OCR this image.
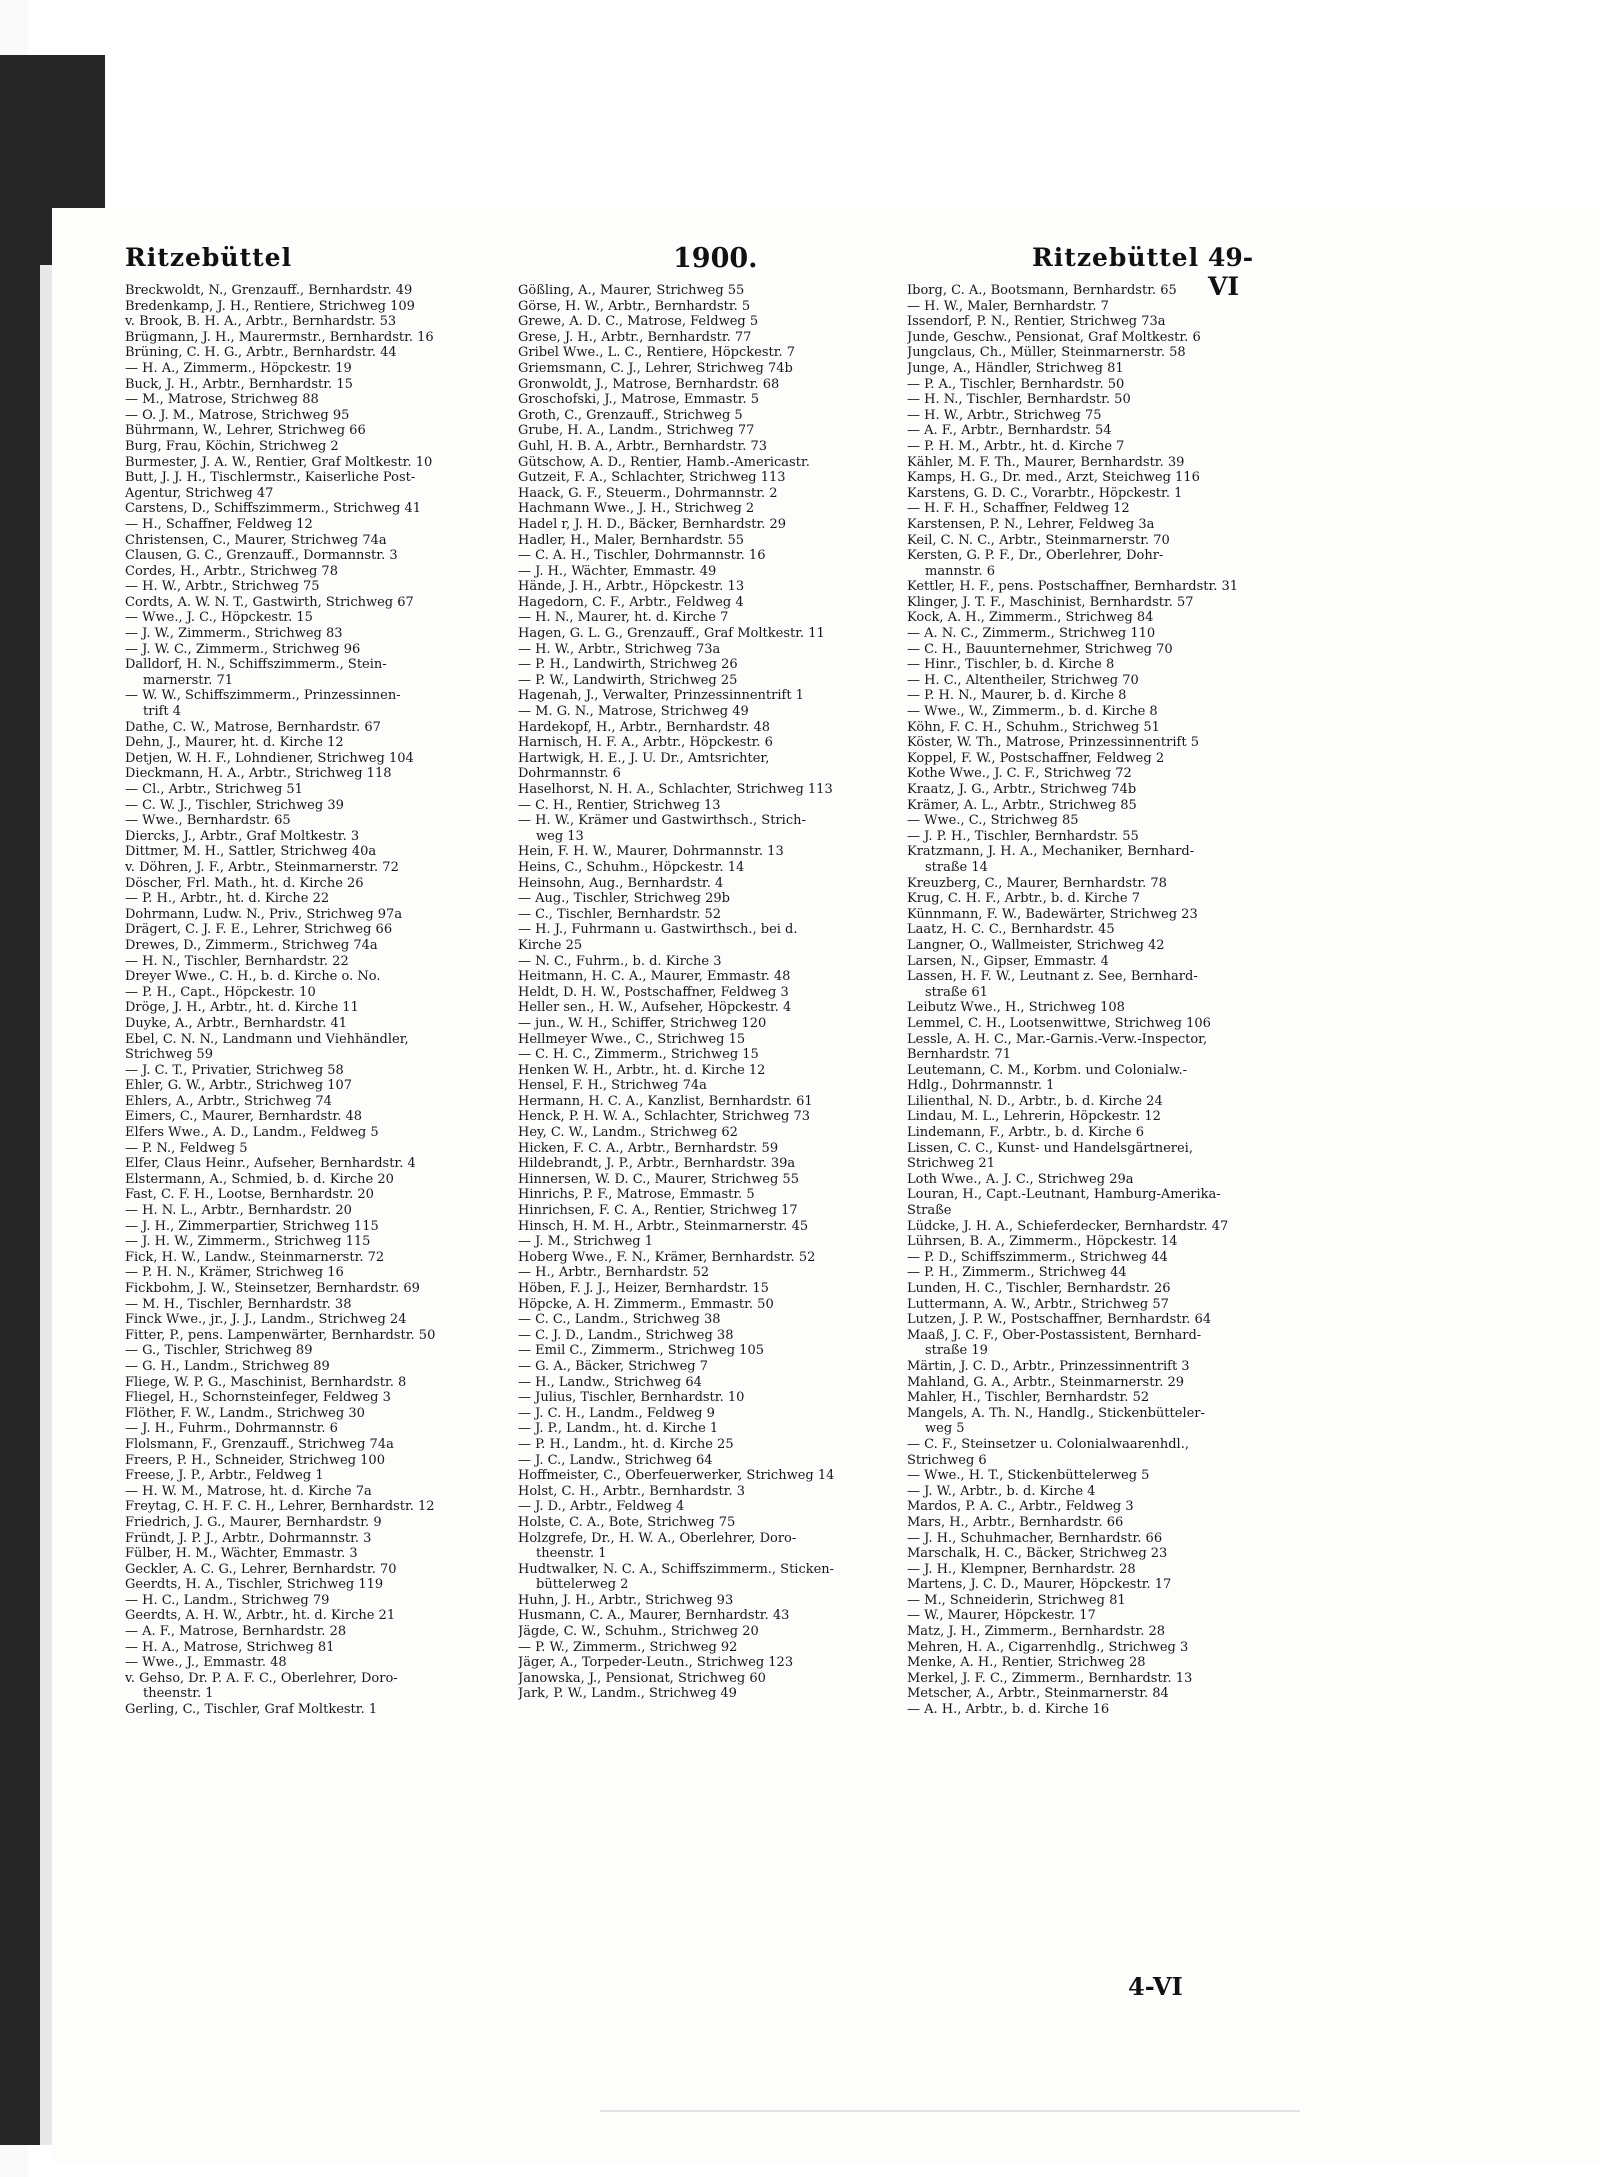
Ritzebüttel	1900.	Ritzebüttel 49-VI
Breckwoldt, N., Grenzauff., Bernhardstr. 49
Bredenkamp, J. H., Rentiere, Strichweg 109
v. Brook, B. H. A., Arbtr., Bernhardstr. 53
Brügmann, J. H., Maurermstr., Bernhardstr. 16
Brüning, C. H. G., Arbtr., Bernhardstr. 44
— H. A., Zimmerm., Höpckestr. 19
Buck, J. H., Arbtr., Bernhardstr. 15
— M., Matrose, Strichweg 88
— O. J. M., Matrose, Strichweg 95
Bührmann, W., Lehrer, Strichweg 66
Burg, Frau, Köchin, Strichweg 2
Burmester, J. A. W., Rentier, Graf Moltkestr. 10
Butt, J. J. H., Tischlermstr., Kaiserliche Post-
Agentur, Strichweg 47
Carstens, D., Schiffszimmerm., Strichweg 41
— H., Schaffner, Feldweg 12
Christensen, C., Maurer, Strichweg 74a
Clausen, G. C., Grenzauff., Dormannstr. 3
Cordes, H., Arbtr., Strichweg 78
— H. W., Arbtr., Strichweg 75
Cordts, A. W. N. T., Gastwirth, Strichweg 67
— Wwe., J. C., Höpckestr. 15
— J. W., Zimmerm., Strichweg 83
— J. W. C., Zimmerm., Strichweg 96
Dalldorf, H. N., Schiffszimmerm., Stein-
marnerstr. 71
— W. W., Schiffszimmerm., Prinzessinnen-
trift 4
Dathe, C. W., Matrose, Bernhardstr. 67
Dehn, J., Maurer, ht. d. Kirche 12
Detjen, W. H. F., Lohndiener, Strichweg 104
Dieckmann, H. A., Arbtr., Strichweg 118
— Cl., Arbtr., Strichweg 51
— C. W. J., Tischler, Strichweg 39
— Wwe., Bernhardstr. 65
Diercks, J., Arbtr., Graf Moltkestr. 3
Dittmer, M. H., Sattler, Strichweg 40a
v. Döhren, J. F., Arbtr., Steinmarnerstr. 72
Döscher, Frl. Math., ht. d. Kirche 26
— P. H., Arbtr., ht. d. Kirche 22
Dohrmann, Ludw. N., Priv., Strichweg 97a
Drägert, C. J. F. E., Lehrer, Strichweg 66
Drewes, D., Zimmerm., Strichweg 74a
— H. N., Tischler, Bernhardstr. 22
Dreyer Wwe., C. H., b. d. Kirche o. No.
— P. H., Capt., Höpckestr. 10
Dröge, J. H., Arbtr., ht. d. Kirche 11
Duyke, A., Arbtr., Bernhardstr. 41
Ebel, C. N. N., Landmann und Viehhändler,
Strichweg 59
— J. C. T., Privatier, Strichweg 58
Ehler, G. W., Arbtr., Strichweg 107
Ehlers, A., Arbtr., Strichweg 74
Eimers, C., Maurer, Bernhardstr. 48
Elfers Wwe., A. D., Landm., Feldweg 5
— P. N., Feldweg 5
Elfer, Claus Heinr., Aufseher, Bernhardstr. 4
Elstermann, A., Schmied, b. d. Kirche 20
Fast, C. F. H., Lootse, Bernhardstr. 20
— H. N. L., Arbtr., Bernhardstr. 20
— J. H., Zimmerpartier, Strichweg 115
— J. H. W., Zimmerm., Strichweg 115
Fick, H. W., Landw., Steinmarnerstr. 72
— P. H. N., Krämer, Strichweg 16
Fickbohm, J. W., Steinsetzer, Bernhardstr. 69
— M. H., Tischler, Bernhardstr. 38
Finck Wwe., jr., J. J., Landm., Strichweg 24
Fitter, P., pens. Lampenwärter, Bernhardstr. 50
— G., Tischler, Strichweg 89
— G. H., Landm., Strichweg 89
Fliege, W. P. G., Maschinist, Bernhardstr. 8
Fliegel, H., Schornsteinfeger, Feldweg 3
Flöther, F. W., Landm., Strichweg 30
— J. H., Fuhrm., Dohrmannstr. 6
Flolsmann, F., Grenzauff., Strichweg 74a
Freers, P. H., Schneider, Strichweg 100
Freese, J. P., Arbtr., Feldweg 1
— H. W. M., Matrose, ht. d. Kirche 7a
Freytag, C. H. F. C. H., Lehrer, Bernhardstr. 12
Friedrich, J. G., Maurer, Bernhardstr. 9
Fründt, J. P. J., Arbtr., Dohrmannstr. 3
Fülber, H. M., Wächter, Emmastr. 3
Geckler, A. C. G., Lehrer, Bernhardstr. 70
Geerdts, H. A., Tischler, Strichweg 119
— H. C., Landm., Strichweg 79
Geerdts, A. H. W., Arbtr., ht. d. Kirche 21
— A. F., Matrose, Bernhardstr. 28
— H. A., Matrose, Strichweg 81
— Wwe., J., Emmastr. 48
v. Gehso, Dr. P. A. F. C., Oberlehrer, Doro-
theenstr. 1
Gerling, C., Tischler, Graf Moltkestr. 1
Gößling, A., Maurer, Strichweg 55
Görse, H. W., Arbtr., Bernhardstr. 5
Grewe, A. D. C., Matrose, Feldweg 5
Grese, J. H., Arbtr., Bernhardstr. 77
Gribel Wwe., L. C., Rentiere, Höpckestr. 7
Griemsmann, C. J., Lehrer, Strichweg 74b
Gronwoldt, J., Matrose, Bernhardstr. 68
Groschofski, J., Matrose, Emmastr. 5
Groth, C., Grenzauff., Strichweg 5
Grube, H. A., Landm., Strichweg 77
Guhl, H. B. A., Arbtr., Bernhardstr. 73
Gütschow, A. D., Rentier, Hamb.-Americastr.
Gutzeit, F. A., Schlachter, Strichweg 113
Haack, G. F., Steuerm., Dohrmannstr. 2
Hachmann Wwe., J. H., Strichweg 2
Hadel r, J. H. D., Bäcker, Bernhardstr. 29
Hadler, H., Maler, Bernhardstr. 55
— C. A. H., Tischler, Dohrmannstr. 16
— J. H., Wächter, Emmastr. 49
Hände, J. H., Arbtr., Höpckestr. 13
Hagedorn, C. F., Arbtr., Feldweg 4
— H. N., Maurer, ht. d. Kirche 7
Hagen, G. L. G., Grenzauff., Graf Moltkestr. 11
— H. W., Arbtr., Strichweg 73a
— P. H., Landwirth, Strichweg 26
— P. W., Landwirth, Strichweg 25
Hagenah, J., Verwalter, Prinzessinnentrift 1
— M. G. N., Matrose, Strichweg 49
Hardekopf, H., Arbtr., Bernhardstr. 48
Harnisch, H. F. A., Arbtr., Höpckestr. 6
Hartwigk, H. E., J. U. Dr., Amtsrichter,
Dohrmannstr. 6
Haselhorst, N. H. A., Schlachter, Strichweg 113
— C. H., Rentier, Strichweg 13
— H. W., Krämer und Gastwirthsch., Strich-
weg 13
Hein, F. H. W., Maurer, Dohrmannstr. 13
Heins, C., Schuhm., Höpckestr. 14
Heinsohn, Aug., Bernhardstr. 4
— Aug., Tischler, Strichweg 29b
— C., Tischler, Bernhardstr. 52
— H. J., Fuhrmann u. Gastwirthsch., bei d.
Kirche 25
— N. C., Fuhrm., b. d. Kirche 3
Heitmann, H. C. A., Maurer, Emmastr. 48
Heldt, D. H. W., Postschaffner, Feldweg 3
Heller sen., H. W., Aufseher, Höpckestr. 4
— jun., W. H., Schiffer, Strichweg 120
Hellmeyer Wwe., C., Strichweg 15
— C. H. C., Zimmerm., Strichweg 15
Henken W. H., Arbtr., ht. d. Kirche 12
Hensel, F. H., Strichweg 74a
Hermann, H. C. A., Kanzlist, Bernhardstr. 61
Henck, P. H. W. A., Schlachter, Strichweg 73
Hey, C. W., Landm., Strichweg 62
Hicken, F. C. A., Arbtr., Bernhardstr. 59
Hildebrandt, J. P., Arbtr., Bernhardstr. 39a
Hinnersen, W. D. C., Maurer, Strichweg 55
Hinrichs, P. F., Matrose, Emmastr. 5
Hinrichsen, F. C. A., Rentier, Strichweg 17
Hinsch, H. M. H., Arbtr., Steinmarnerstr. 45
— J. M., Strichweg 1
Hoberg Wwe., F. N., Krämer, Bernhardstr. 52
— H., Arbtr., Bernhardstr. 52
Höben, F. J. J., Heizer, Bernhardstr. 15
Höpcke, A. H. Zimmerm., Emmastr. 50
— C. C., Landm., Strichweg 38
— C. J. D., Landm., Strichweg 38
— Emil C., Zimmerm., Strichweg 105
— G. A., Bäcker, Strichweg 7
— H., Landw., Strichweg 64
— Julius, Tischler, Bernhardstr. 10
— J. C. H., Landm., Feldweg 9
— J. P., Landm., ht. d. Kirche 1
— P. H., Landm., ht. d. Kirche 25
— J. C., Landw., Strichweg 64
Hoffmeister, C., Oberfeuerwerker, Strichweg 14
Holst, C. H., Arbtr., Bernhardstr. 3
— J. D., Arbtr., Feldweg 4
Holste, C. A., Bote, Strichweg 75
Holzgrefe, Dr., H. W. A., Oberlehrer, Doro-
theenstr. 1
Hudtwalker, N. C. A., Schiffszimmerm., Sticken-
büttelerweg 2
Huhn, J. H., Arbtr., Strichweg 93
Husmann, C. A., Maurer, Bernhardstr. 43
Jägde, C. W., Schuhm., Strichweg 20
— P. W., Zimmerm., Strichweg 92
Jäger, A., Torpeder-Leutn., Strichweg 123
Janowska, J., Pensionat, Strichweg 60
Jark, P. W., Landm., Strichweg 49
Iborg, C. A., Bootsmann, Bernhardstr. 65
— H. W., Maler, Bernhardstr. 7
Issendorf, P. N., Rentier, Strichweg 73a
Junde, Geschw., Pensionat, Graf Moltkestr. 6
Jungclaus, Ch., Müller, Steinmarnerstr. 58
Junge, A., Händler, Strichweg 81
— P. A., Tischler, Bernhardstr. 50
— H. N., Tischler, Bernhardstr. 50
— H. W., Arbtr., Strichweg 75
— A. F., Arbtr., Bernhardstr. 54
— P. H. M., Arbtr., ht. d. Kirche 7
Kähler, M. F. Th., Maurer, Bernhardstr. 39
Kamps, H. G., Dr. med., Arzt, Steichweg 116
Karstens, G. D. C., Vorarbtr., Höpckestr. 1
— H. F. H., Schaffner, Feldweg 12
Karstensen, P. N., Lehrer, Feldweg 3a
Keil, C. N. C., Arbtr., Steinmarnerstr. 70
Kersten, G. P. F., Dr., Oberlehrer, Dohr-
mannstr. 6
Kettler, H. F., pens. Postschaffner, Bernhardstr. 31
Klinger, J. T. F., Maschinist, Bernhardstr. 57
Kock, A. H., Zimmerm., Strichweg 84
— A. N. C., Zimmerm., Strichweg 110
— C. H., Bauunternehmer, Strichweg 70
— Hinr., Tischler, b. d. Kirche 8
— H. C., Altentheiler, Strichweg 70
— P. H. N., Maurer, b. d. Kirche 8
— Wwe., W., Zimmerm., b. d. Kirche 8
Köhn, F. C. H., Schuhm., Strichweg 51
Köster, W. Th., Matrose, Prinzessinnentrift 5
Koppel, F. W., Postschaffner, Feldweg 2
Kothe Wwe., J. C. F., Strichweg 72
Kraatz, J. G., Arbtr., Strichweg 74b
Krämer, A. L., Arbtr., Strichweg 85
— Wwe., C., Strichweg 85
— J. P. H., Tischler, Bernhardstr. 55
Kratzmann, J. H. A., Mechaniker, Bernhard-
straße 14
Kreuzberg, C., Maurer, Bernhardstr. 78
Krug, C. H. F., Arbtr., b. d. Kirche 7
Künnmann, F. W., Badewärter, Strichweg 23
Laatz, H. C. C., Bernhardstr. 45
Langner, O., Wallmeister, Strichweg 42
Larsen, N., Gipser, Emmastr. 4
Lassen, H. F. W., Leutnant z. See, Bernhard-
straße 61
Leibutz Wwe., H., Strichweg 108
Lemmel, C. H., Lootsenwittwe, Strichweg 106
Lessle, A. H. C., Mar.-Garnis.-Verw.-Inspector,
Bernhardstr. 71
Leutemann, C. M., Korbm. und Colonialw.-
Hdlg., Dohrmannstr. 1
Lilienthal, N. D., Arbtr., b. d. Kirche 24
Lindau, M. L., Lehrerin, Höpckestr. 12
Lindemann, F., Arbtr., b. d. Kirche 6
Lissen, C. C., Kunst- und Handelsgärtnerei,
Strichweg 21
Loth Wwe., A. J. C., Strichweg 29a
Louran, H., Capt.-Leutnant, Hamburg-Amerika-
Straße
Lüdcke, J. H. A., Schieferdecker, Bernhardstr. 47
Lührsen, B. A., Zimmerm., Höpckestr. 14
— P. D., Schiffszimmerm., Strichweg 44
— P. H., Zimmerm., Strichweg 44
Lunden, H. C., Tischler, Bernhardstr. 26
Luttermann, A. W., Arbtr., Strichweg 57
Lutzen, J. P. W., Postschaffner, Bernhardstr. 64
Maaß, J. C. F., Ober-Postassistent, Bernhard-
straße 19
Märtin, J. C. D., Arbtr., Prinzessinnentrift 3
Mahland, G. A., Arbtr., Steinmarnerstr. 29
Mahler, H., Tischler, Bernhardstr. 52
Mangels, A. Th. N., Handlg., Stickenbütteler-
weg 5
— C. F., Steinsetzer u. Colonialwaarenhdl.,
Strichweg 6
— Wwe., H. T., Stickenbüttelerweg 5
— J. W., Arbtr., b. d. Kirche 4
Mardos, P. A. C., Arbtr., Feldweg 3
Mars, H., Arbtr., Bernhardstr. 66
— J. H., Schuhmacher, Bernhardstr. 66
Marschalk, H. C., Bäcker, Strichweg 23
— J. H., Klempner, Bernhardstr. 28
Martens, J. C. D., Maurer, Höpckestr. 17
— M., Schneiderin, Strichweg 81
— W., Maurer, Höpckestr. 17
Matz, J. H., Zimmerm., Bernhardstr. 28
Mehren, H. A., Cigarrenhdlg., Strichweg 3
Menke, A. H., Rentier, Strichweg 28
Merkel, J. F. C., Zimmerm., Bernhardstr. 13
Metscher, A., Arbtr., Steinmarnerstr. 84
— A. H., Arbtr., b. d. Kirche 16
4-VI
